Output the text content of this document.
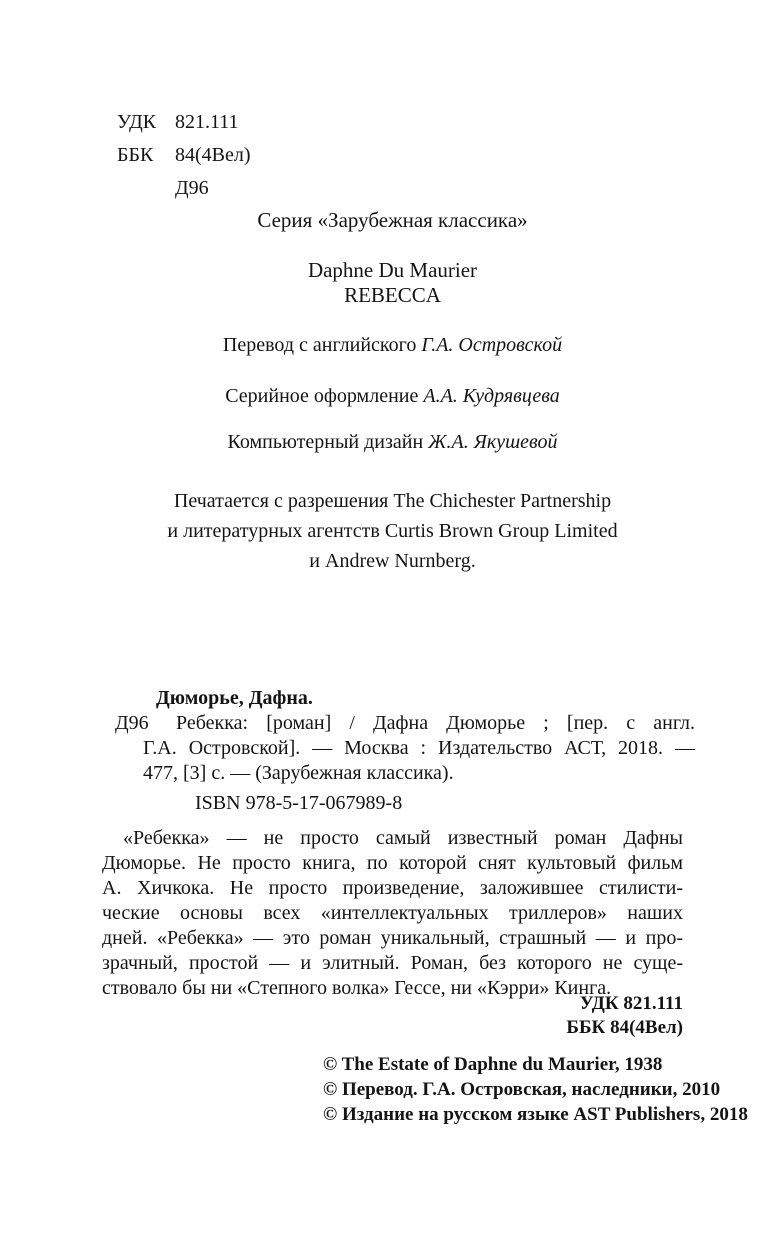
УДК 821.111
ББК 84(4Вел)
Д96
Серия «Зарубежная классика»
Daphne Du Maurier
REBECCA
Перевод с английского Г.А. Островской
Серийное оформление А.А. Кудрявцева
Компьютерный дизайн Ж.А. Якушевой
Печатается с разрешения The Chichester Partnership
и литературных агентств Curtis Brown Group Limited
и Andrew Nurnberg.
Дюморье, Дафна.
Д96	Ребекка: [роман] / Дафна Дюморье ; [пер. с англ.
Г.А. Островской]. — Москва : Издательство АСТ, 2018. —
477, [3] с. — (Зарубежная классика).
ISBN 978-5-17-067989-8
«Ребекка» — не просто самый известный роман Дафны
Дюморье. Не просто книга, по которой снят культовый фильм
А. Хичкока. Не просто произведение, заложившее стилисти-
ческие основы всех «интеллектуальных триллеров» наших
дней. «Ребекка» — это роман уникальный, страшный — и про-
зрачный, простой — и элитный. Роман, без которого не суще-
ствовало бы ни «Степного волка» Гессе, ни «Кэрри» Кинга.
УДК 821.111
ББК 84(4Вел)
© The Estate of Daphne du Maurier, 1938
© Перевод. Г.А. Островская, наследники, 2010
© Издание на русском языке AST Publishers, 2018
